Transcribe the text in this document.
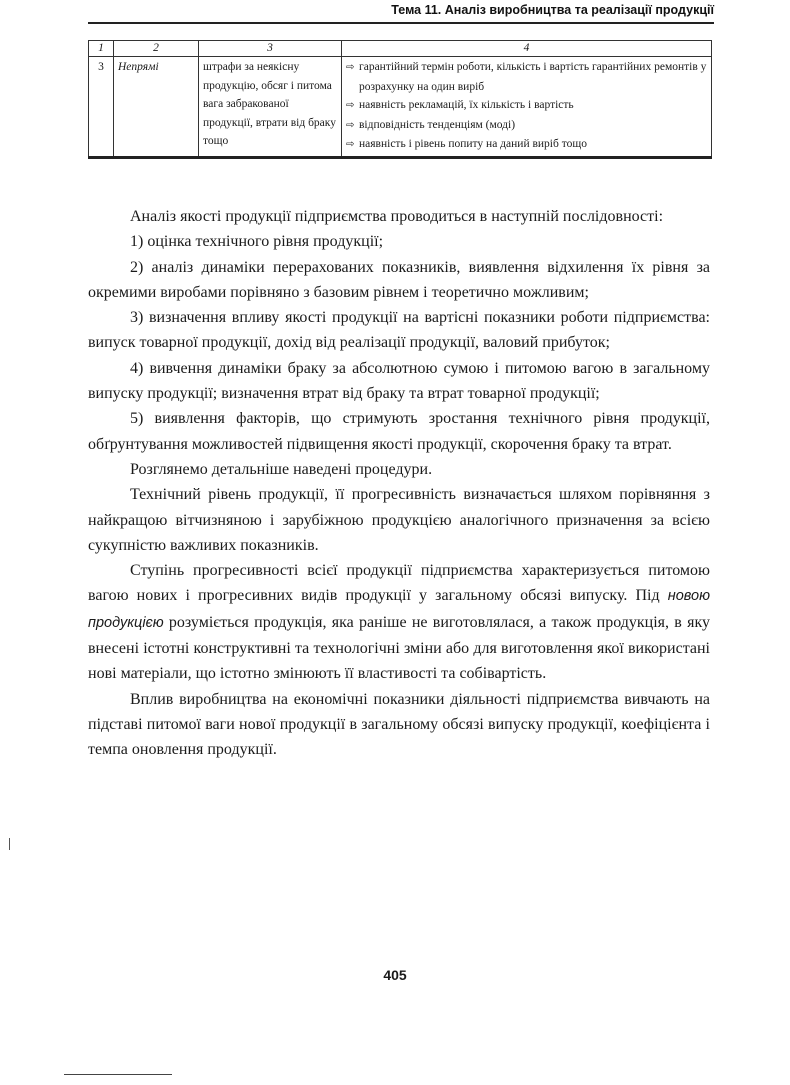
Тема 11. Аналіз виробництва та реалізації продукції
1	2	3	4
3	Непрямі	штрафи за неякісну продукцію, обсяг і питома вага забракованої продукції, втрати від браку тощо	⇨ гарантійний термін роботи, кількість і вартість гарантійних ремонтів у розрахунку на один виріб
⇨ наявність рекламацій, їх кількість і вартість
⇨ відповідність тенденціям (моді)
⇨ наявність і рівень попиту на даний виріб тощо

Аналіз якості продукції підприємства проводиться в наступній послідовності:

1) оцінка технічного рівня продукції;

2) аналіз динаміки перерахованих показників, виявлення відхилення їх рівня за окремими виробами порівняно з базовим рівнем і теоретично можливим;

3) визначення впливу якості продукції на вартісні показники роботи підприємства: випуск товарної продукції, дохід від реалізації продукції, валовий прибуток;

4) вивчення динаміки браку за абсолютною сумою і питомою вагою в загальному випуску продукції; визначення втрат від браку та втрат товарної продукції;

5) виявлення факторів, що стримують зростання технічного рівня продукції, обґрунтування можливостей підвищення якості продукції, скорочення браку та втрат.

Розглянемо детальніше наведені процедури.

Технічний рівень продукції, її прогресивність визначається шляхом порівняння з найкращою вітчизняною і зарубіжною продукцією аналогічного призначення за всією сукупністю важливих показників.

Ступінь прогресивності всієї продукції підприємства характеризується питомою вагою нових і прогресивних видів продукції у загальному обсязі випуску. Під новою продукцією розуміється продукція, яка раніше не виготовлялася, а також продукція, в яку внесені істотні конструктивні та технологічні зміни або для виготовлення якої використані нові матеріали, що істотно змінюють її властивості та собівартість.

Вплив виробництва на економічні показники діяльності підприємства вивчають на підставі питомої ваги нової продукції в загальному обсязі випуску продукції, коефіцієнта і темпа оновлення продукції.

405
